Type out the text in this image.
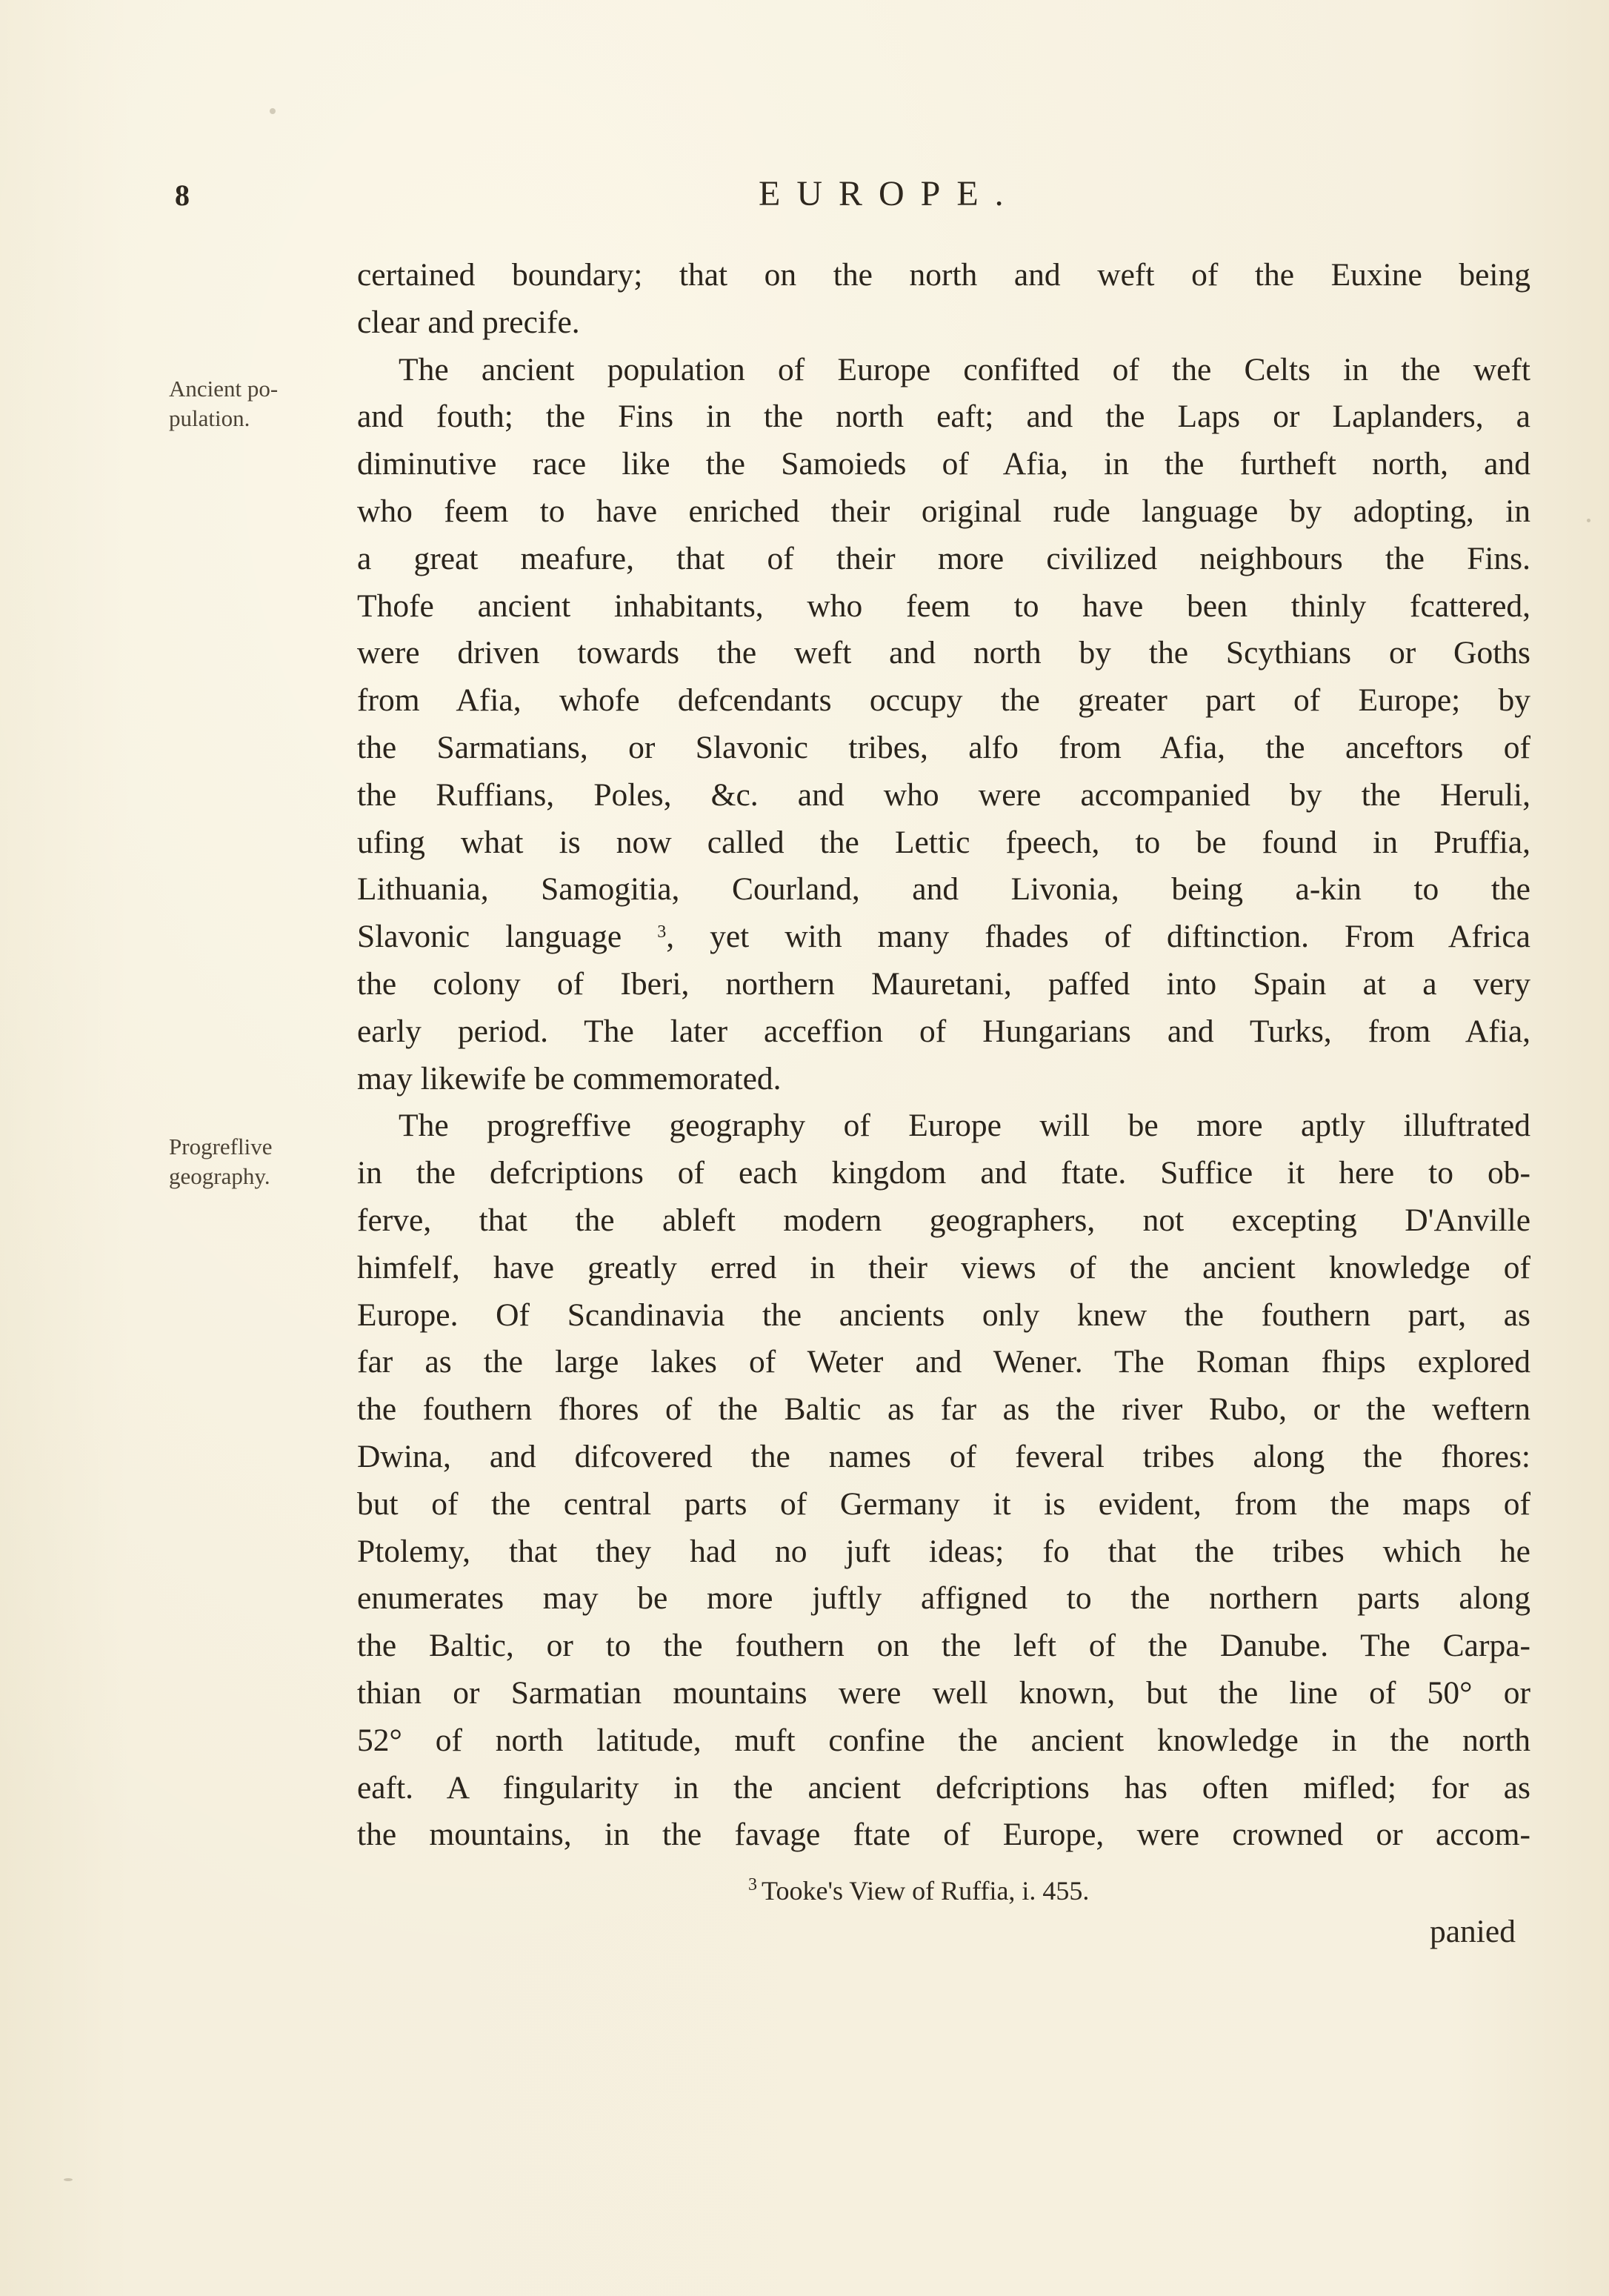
8	EUROPE.
Ancient po-
pulation.
Progreflive
geography.
certained boundary; that on the north and weft of the Euxine being
clear and precife.
The ancient population of Europe confifted of the Celts in the weft
and fouth; the Fins in the north eaft; and the Laps or Laplanders, a
diminutive race like the Samoieds of Afia, in the furtheft north, and
who feem to have enriched their original rude language by adopting, in
a great meafure, that of their more civilized neighbours the Fins.
Thofe ancient inhabitants, who feem to have been thinly fcattered,
were driven towards the weft and north by the Scythians or Goths
from Afia, whofe defcendants occupy the greater part of Europe; by
the Sarmatians, or Slavonic tribes, alfo from Afia, the anceftors of
the Ruffians, Poles, &c. and who were accompanied by the Heruli,
ufing what is now called the Lettic fpeech, to be found in Pruffia,
Lithuania, Samogitia, Courland, and Livonia, being a-kin to the
Slavonic language $^3$, yet with many fhades of diftinction. From Africa
the colony of Iberi, northern Mauretani, paffed into Spain at a very
early period. The later acceffion of Hungarians and Turks, from Afia,
may likewife be commemorated.
The progreffive geography of Europe will be more aptly illuftrated
in the defcriptions of each kingdom and ftate. Suffice it here to ob-
ferve, that the ableft modern geographers, not excepting D'Anville
himfelf, have greatly erred in their views of the ancient knowledge of
Europe. Of Scandinavia the ancients only knew the fouthern part, as
far as the large lakes of Weter and Wener. The Roman fhips explored
the fouthern fhores of the Baltic as far as the river Rubo, or the weftern
Dwina, and difcovered the names of feveral tribes along the fhores:
but of the central parts of Germany it is evident, from the maps of
Ptolemy, that they had no juft ideas; fo that the tribes which he
enumerates may be more juftly affigned to the northern parts along
the Baltic, or to the fouthern on the left of the Danube. The Carpa-
thian or Sarmatian mountains were well known, but the line of 50° or
52° of north latitude, muft confine the ancient knowledge in the north
eaft. A fingularity in the ancient defcriptions has often mifled; for as
the mountains, in the favage ftate of Europe, were crowned or accom-
$^3$ Tooke's View of Ruffia, i. 455.
panied
